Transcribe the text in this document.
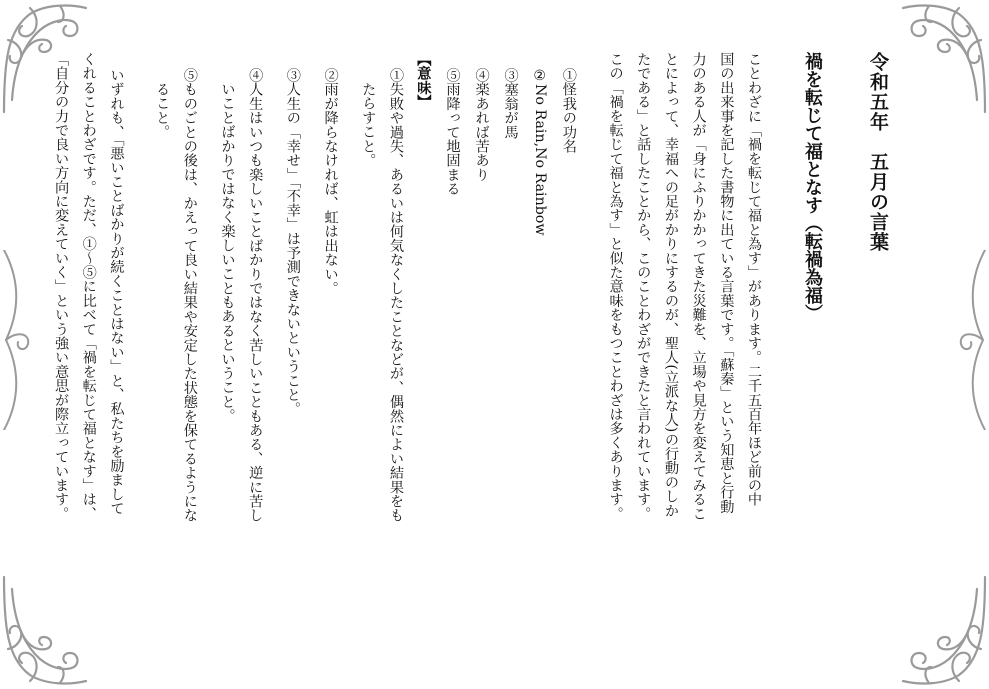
令和五年　五月の言葉
禍を転じて福となす（転禍為福）

ことわざに「禍を転じて福と為す」があります。二千五百年ほど前の中

国の出来事を記した書物に出ている言葉です。「蘇秦」という知恵と行動

力のある人が「身にふりかかってきた災難を、立場や見方を変えてみるこ

とによって、幸福への足がかりにするのが、聖人(立派な人)の行動のしか

たである」と話したことから、このことわざができたと言われています。

この「禍を転じて福と為す」と似た意味をもつことわざは多くあります。

①怪我の功名

②No Rain,No Rainbow

③塞翁が馬

④楽あれば苦あり

⑤雨降って地固まる

【意味】

①失敗や過失、あるいは何気なくしたことなどが、偶然によい結果をも

たらすこと。

②雨が降らなければ、虹は出ない。

③人生の「幸せ」「不幸」は予測できないということ。

④人生はいつも楽しいことばかりではなく苦しいこともある、逆に苦し

いことばかりではなく楽しいこともあるということ。

⑤ものごとの後は、かえって良い結果や安定した状態を保てるようにな

ること。

いずれも、「悪いことばかりが続くことはない」と、私たちを励まして

くれることわざです。ただ、①～⑤に比べて「禍を転じて福となす」は、

「自分の力で良い方向に変えていく」という強い意思が際立っています。
